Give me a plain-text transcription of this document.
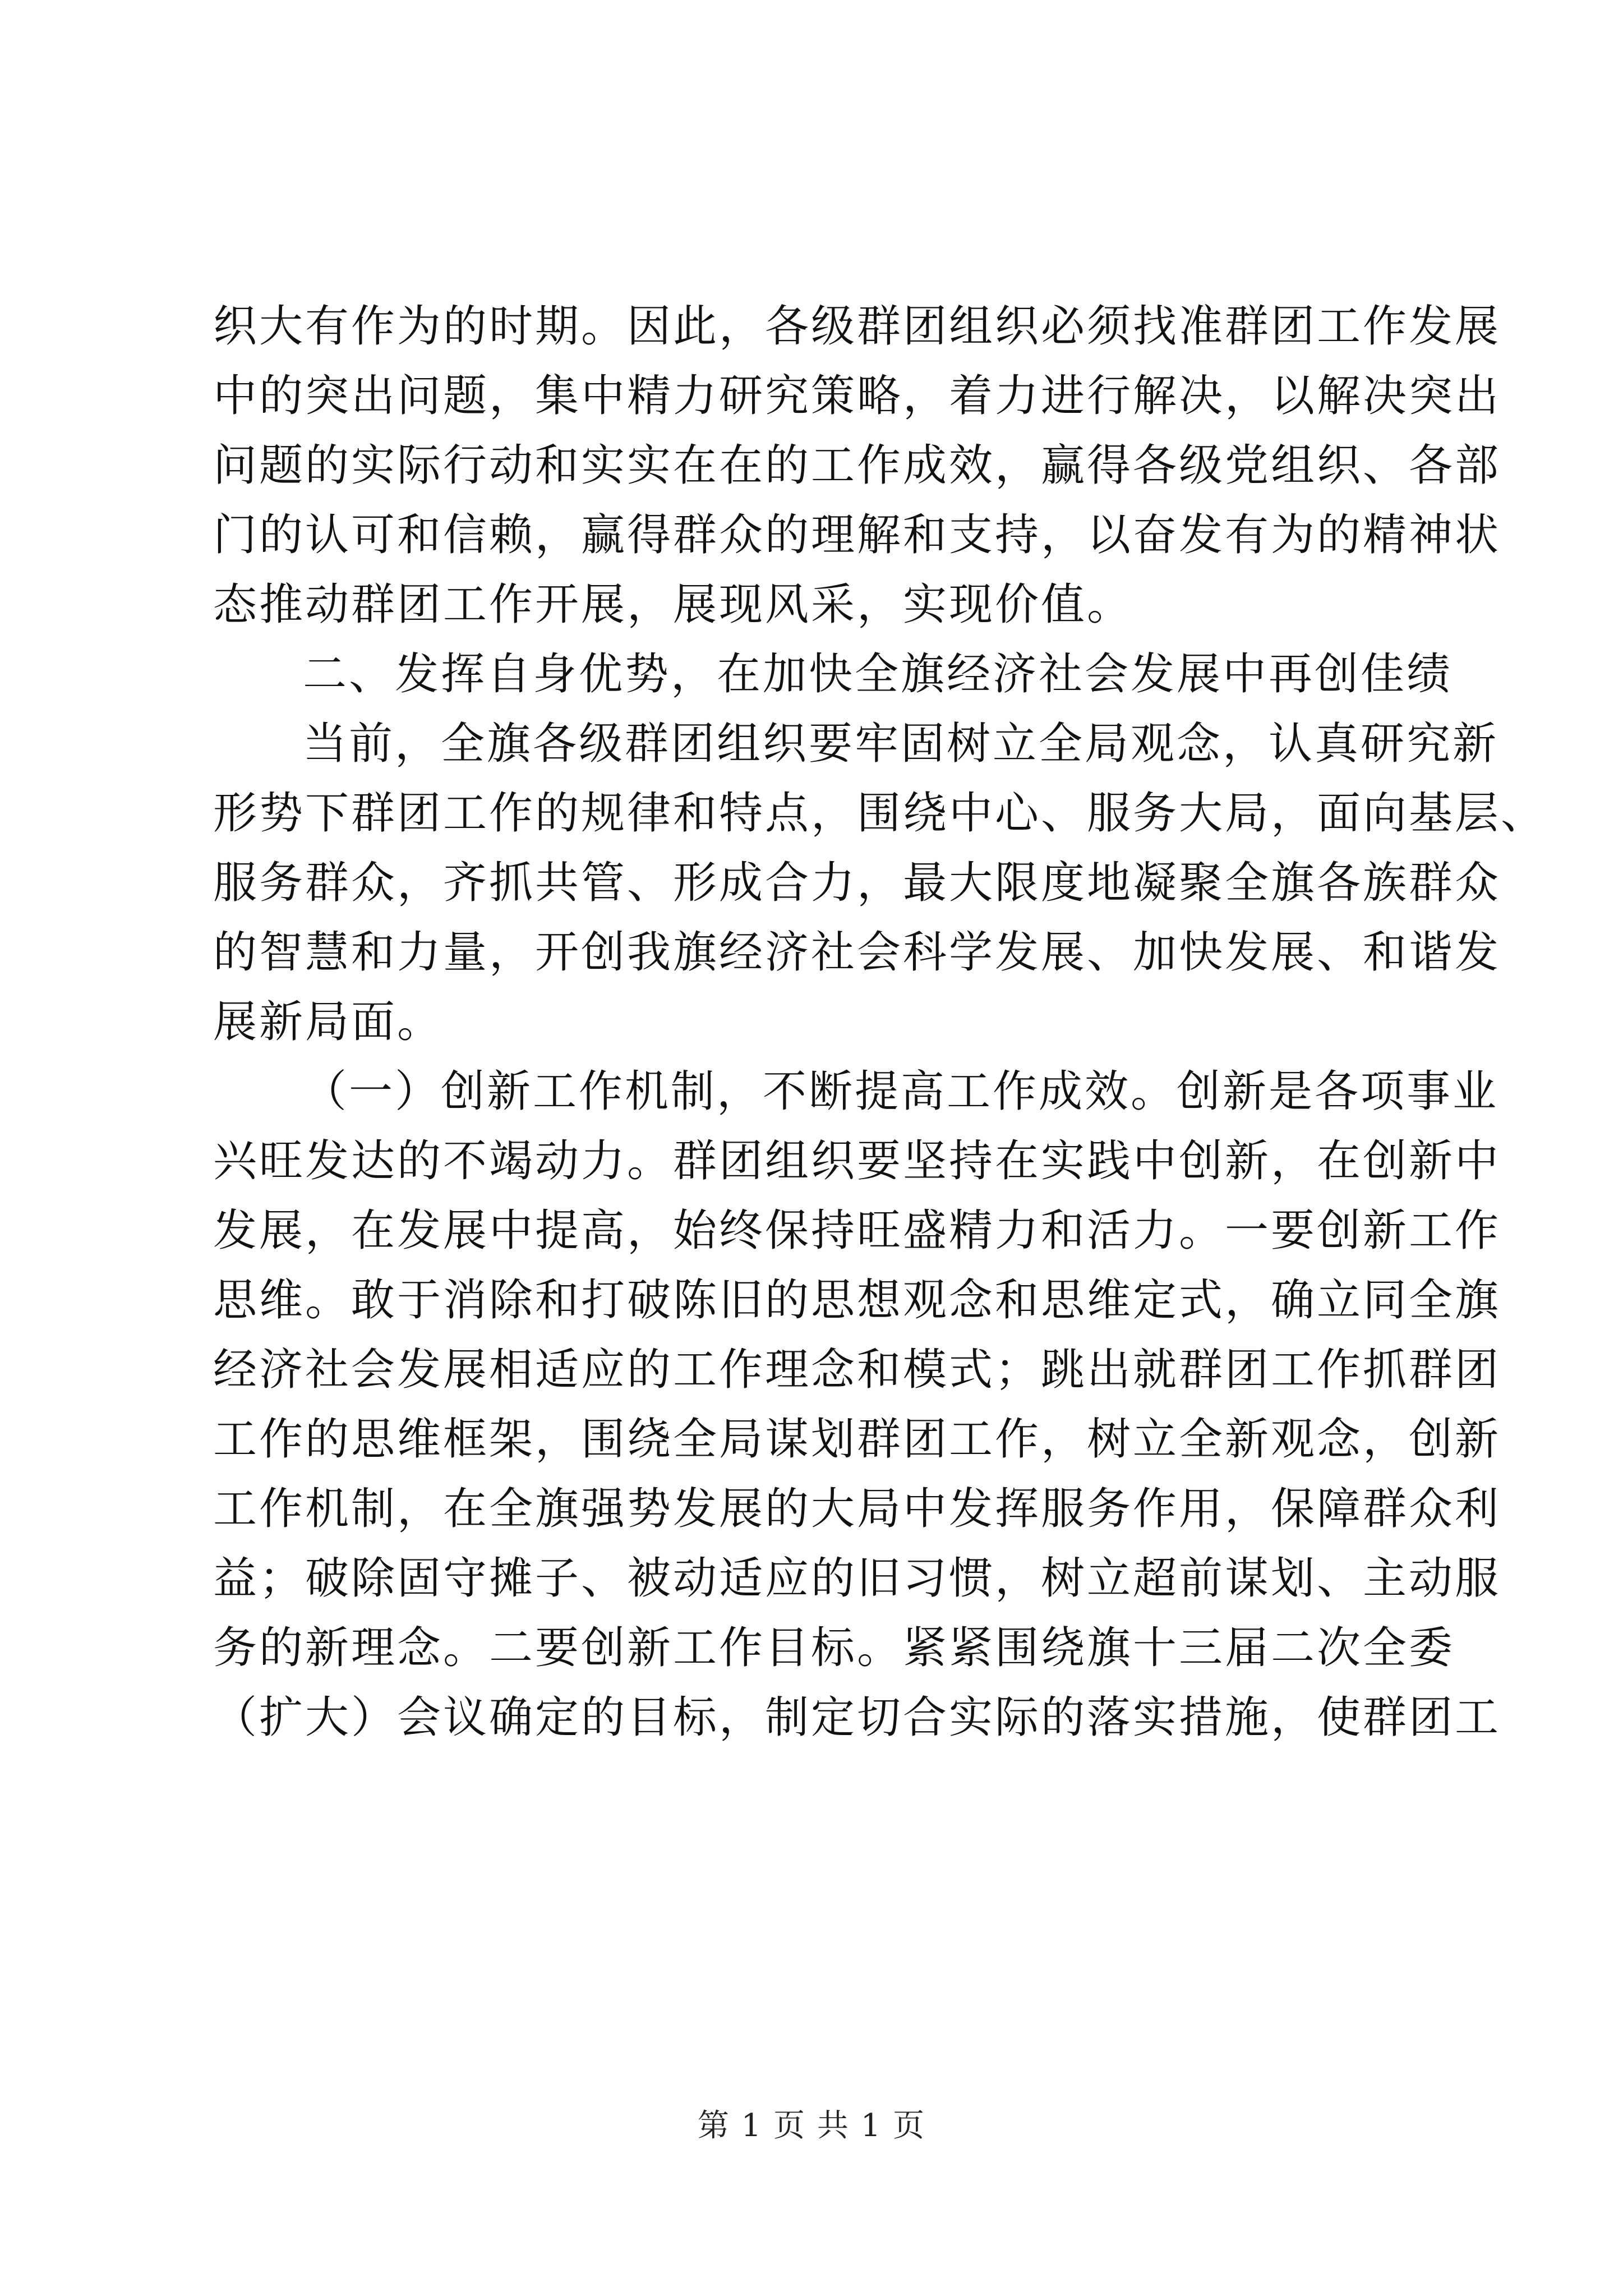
织大有作为的时期。因此，各级群团组织必须找准群团工作发展
中的突出问题，集中精力研究策略，着力进行解决，以解决突出
问题的实际行动和实实在在的工作成效，赢得各级党组织、各部
门的认可和信赖，赢得群众的理解和支持，以奋发有为的精神状
态推动群团工作开展，展现风采，实现价值。
二、发挥自身优势，在加快全旗经济社会发展中再创佳绩
当前，全旗各级群团组织要牢固树立全局观念，认真研究新
形势下群团工作的规律和特点，围绕中心、服务大局，面向基层、
服务群众，齐抓共管、形成合力，最大限度地凝聚全旗各族群众
的智慧和力量，开创我旗经济社会科学发展、加快发展、和谐发
展新局面。
（一）创新工作机制，不断提高工作成效。创新是各项事业
兴旺发达的不竭动力。群团组织要坚持在实践中创新，在创新中
发展，在发展中提高，始终保持旺盛精力和活力。一要创新工作
思维。敢于消除和打破陈旧的思想观念和思维定式，确立同全旗
经济社会发展相适应的工作理念和模式；跳出就群团工作抓群团
工作的思维框架，围绕全局谋划群团工作，树立全新观念，创新
工作机制，在全旗强势发展的大局中发挥服务作用，保障群众利
益；破除固守摊子、被动适应的旧习惯，树立超前谋划、主动服
务的新理念。二要创新工作目标。紧紧围绕旗十三届二次全委
（扩大）会议确定的目标，制定切合实际的落实措施，使群团工
第 1 页 共 1 页
